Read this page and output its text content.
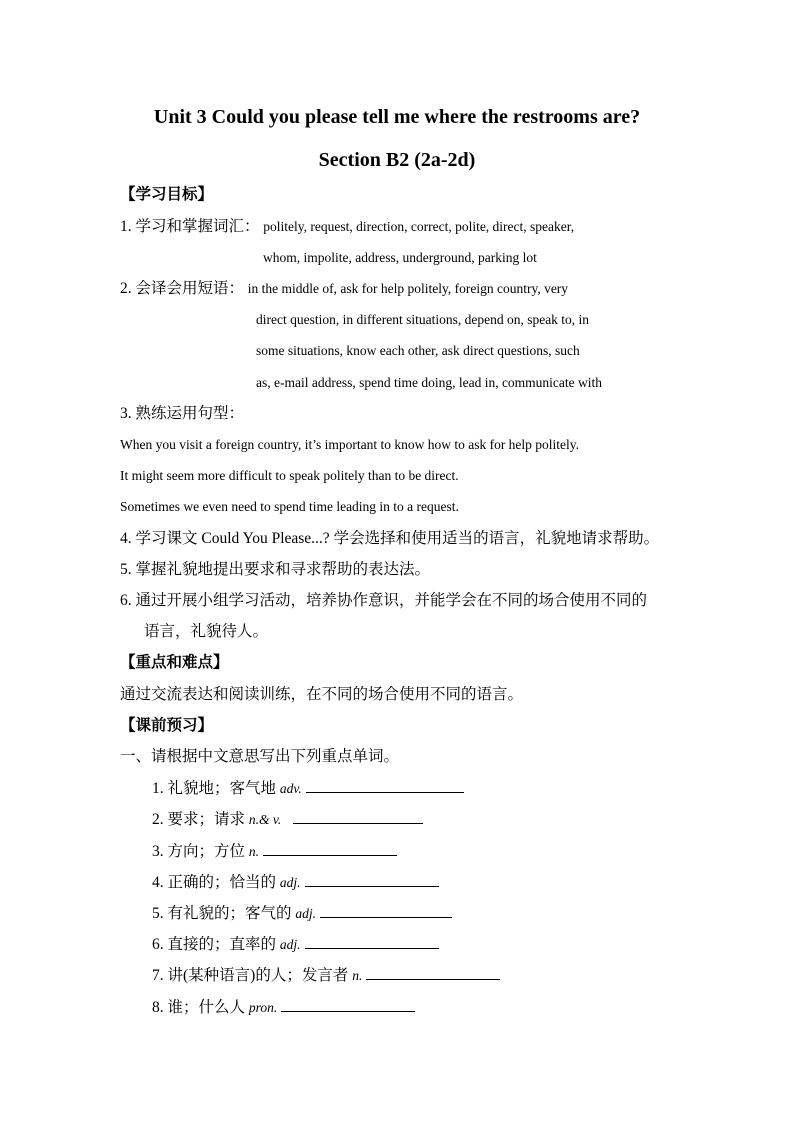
Unit 3 Could you please tell me where the restrooms are?
Section B2 (2a-2d)
【学习目标】
1. 学习和掌握词汇： politely, request, direction, correct, polite, direct, speaker,
whom, impolite, address, underground, parking lot
2. 会译会用短语： in the middle of, ask for help politely, foreign country, very
direct question, in different situations, depend on, speak to, in
some situations, know each other, ask direct questions, such
as, e-mail address, spend time doing, lead in, communicate with
3. 熟练运用句型：
When you visit a foreign country, it’s important to know how to ask for help politely.
It might seem more difficult to speak politely than to be direct.
Sometimes we even need to spend time leading in to a request.
4. 学习课文 Could You Please...? 学会选择和使用适当的语言，礼貌地请求帮助。
5. 掌握礼貌地提出要求和寻求帮助的表达法。
6. 通过开展小组学习活动，培养协作意识，并能学会在不同的场合使用不同的
语言，礼貌待人。
【重点和难点】
通过交流表达和阅读训练，在不同的场合使用不同的语言。
【课前预习】
一、请根据中文意思写出下列重点单词。
1. 礼貌地；客气地 adv.
2. 要求；请求 n.& v.
3. 方向；方位 n.
4. 正确的；恰当的 adj.
5. 有礼貌的；客气的 adj.
6. 直接的；直率的 adj.
7. 讲(某种语言)的人；发言者 n.
8. 谁；什么人 pron.
